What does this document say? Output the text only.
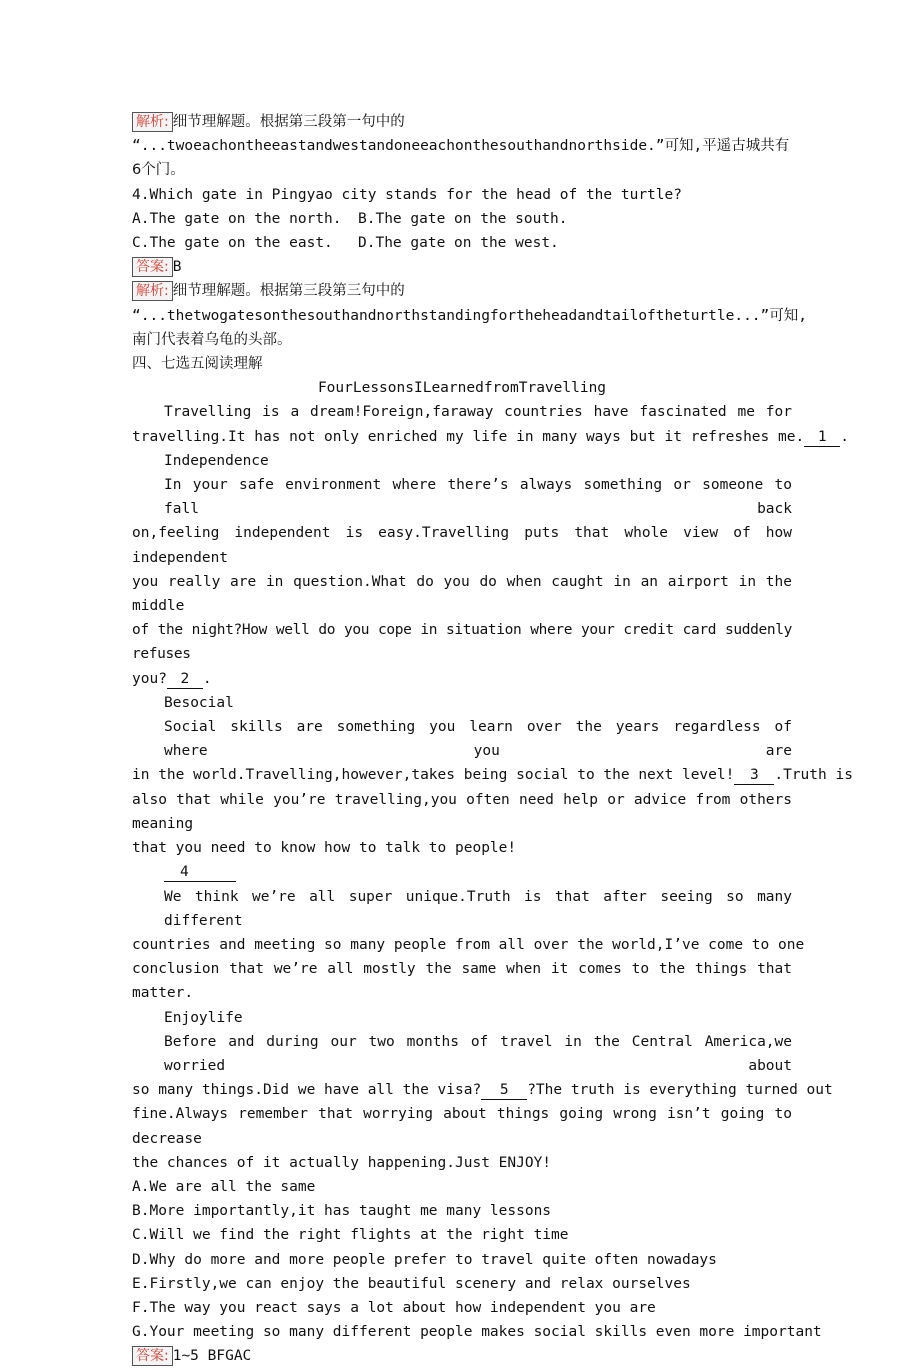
解析: 细节理解题。根据第三段第一句中的
“...twoeachontheeastandwestandoneeachonthesouthandnorthside.”可知,平遥古城共有
6个门。
4.Which gate in Pingyao city stands for the head of the turtle?
A.The gate on the north. B.The gate on the south.
C.The gate on the east. D.The gate on the west.
答案: B
解析: 细节理解题。根据第三段第三句中的
“...thetwogatesonthesouthandnorthstandingfortheheadandtailoftheturtle...”可知,
南门代表着乌龟的头部。
四、七选五阅读理解
FourLessonsILearnedfromTravelling
Travelling is a dream!Foreign,faraway countries have fascinated me for
travelling.It has not only enriched my life in many ways but it refreshes me. 1 .
Independence
In your safe environment where there’s always something or someone to fall back
on,feeling independent is easy.Travelling puts that whole view of how independent
you really are in question.What do you do when caught in an airport in the middle
of the night?How well do you cope in situation where your credit card suddenly refuses
you? 2 .
Besocial
Social skills are something you learn over the years regardless of where you are
in the world.Travelling,however,takes being social to the next level! 3 .Truth is
also that while you’re travelling,you often need help or advice from others meaning
that you need to know how to talk to people!
4
We think we’re all super unique.Truth is that after seeing so many different
countries and meeting so many people from all over the world,I’ve come to one
conclusion that we’re all mostly the same when it comes to the things that matter.
Enjoylife
Before and during our two months of travel in the Central America,we worried about
so many things.Did we have all the visa? 5 ?The truth is everything turned out
fine.Always remember that worrying about things going wrong isn’t going to decrease
the chances of it actually happening.Just ENJOY!
A.We are all the same
B.More importantly,it has taught me many lessons
C.Will we find the right flights at the right time
D.Why do more and more people prefer to travel quite often nowadays
E.Firstly,we can enjoy the beautiful scenery and relax ourselves
F.The way you react says a lot about how independent you are
G.Your meeting so many different people makes social skills even more important
答案: 1~5 BFGAC
